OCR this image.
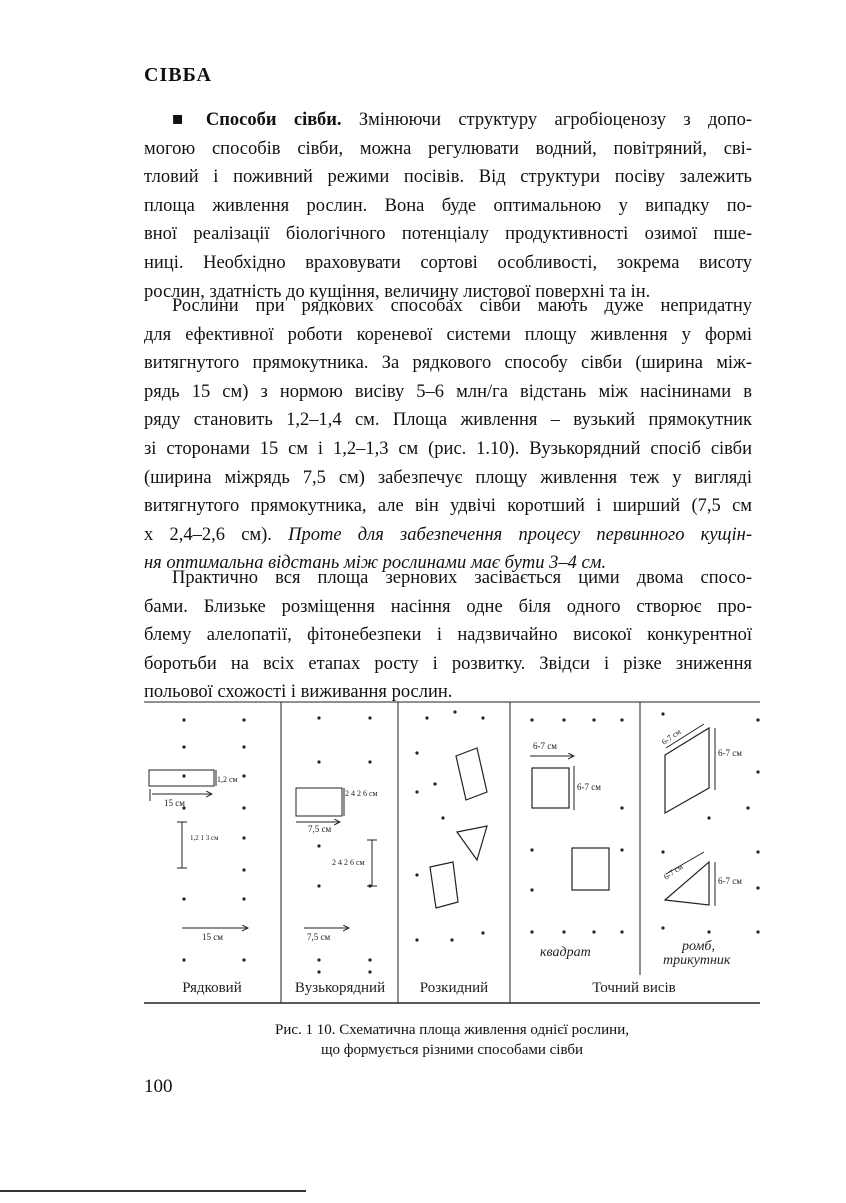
СІВБА
■ Способи сівби. Змінюючи структуру агробіоценозу з допо-
могою способів сівби, можна регулювати водний, повітряний, сві-
тловий і поживний режими посівів. Від структури посіву залежить
площа живлення рослин. Вона буде оптимальною у випадку по-
вної реалізації біологічного потенціалу продуктивності озимої пше-
ниці. Необхідно враховувати сортові особливості, зокрема висоту
рослин, здатність до кущіння, величину листової поверхні та ін.
Рослини при рядкових способах сівби мають дуже непридатну
для ефективної роботи кореневої системи площу живлення у формі
витягнутого прямокутника. За рядкового способу сівби (ширина між-
рядь 15 см) з нормою висіву 5–6 млн/га відстань між насінинами в
ряду становить 1,2–1,4 см. Площа живлення – вузький прямокутник
зі сторонами 15 см і 1,2–1,3 см (рис. 1.10). Вузькорядний спосіб сівби
(ширина міжрядь 7,5 см) забезпечує площу живлення теж у вигляді
витягнутого прямокутника, але він удвічі коротший і ширший (7,5 см
х 2,4–2,6 см). Проте для забезпечення процесу первинного кущін-
ня оптимальна відстань між рослинами має бути 3–4 см.
Практично вся площа зернових засівається цими двома спосо-
бами. Близьке розміщення насіння одне біля одного створює про-
блему алелопатії, фітонебезпеки і надзвичайно високої конкурентної
боротьби на всіх етапах росту і розвитку. Звідси і різке зниження
польової схожості і виживання рослин.
1,2 см
15 см
1,2 1 3 см
15 см
2 4 2 6 см
7,5 см
2 4 2 6 см
7,5 см
6-7 см
6-7 см
квадрат
6-7 см
6-7 см
6-7 см	6-7 см
ромб,
трикутник
Рядковий	Вузькорядний Розкидний	Точний висів
Рис. 1 10. Схематична площа живлення однієї рослини,
що формується різними способами сівби
100
